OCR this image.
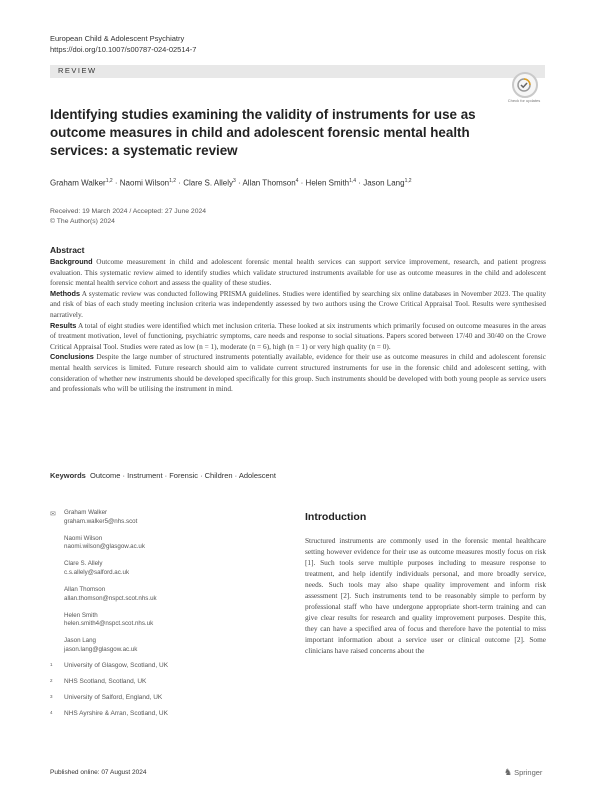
European Child & Adolescent Psychiatry
https://doi.org/10.1007/s00787-024-02514-7
REVIEW
Check for updates
Identifying studies examining the validity of instruments for use as outcome measures in child and adolescent forensic mental health services: a systematic review
Graham Walker$^{1,2}$ · Naomi Wilson$^{1,2}$ · Clare S. Allely$^3$ · Allan Thomson$^4$ · Helen Smith$^{1,4}$ · Jason Lang$^{1,2}$
Received: 19 March 2024 / Accepted: 27 June 2024
© The Author(s) 2024
Abstract

Background Outcome measurement in child and adolescent forensic mental health services can support service improvement, research, and patient progress evaluation. This systematic review aimed to identify studies which validate structured instruments available for use as outcome measures in the child and adolescent forensic mental health service cohort and assess the quality of these studies.

Methods A systematic review was conducted following PRISMA guidelines. Studies were identified by searching six online databases in November 2023. The quality and risk of bias of each study meeting inclusion criteria was independently assessed by two authors using the Crowe Critical Appraisal Tool. Results were synthesised narratively.

Results A total of eight studies were identified which met inclusion criteria. These looked at six instruments which primarily focused on outcome measures in the areas of treatment motivation, level of functioning, psychiatric symptoms, care needs and response to social situations. Papers scored between 17/40 and 30/40 on the Crowe Critical Appraisal Tool. Studies were rated as low (n = 1), moderate (n = 6), high (n = 1) or very high quality (n = 0).

Conclusions Despite the large number of structured instruments potentially available, evidence for their use as outcome measures in child and adolescent forensic mental health services is limited. Future research should aim to validate current structured instruments for use in the forensic child and adolescent setting, with consideration of whether new instruments should be developed specifically for this group. Such instruments should be developed with both young people as service users and professionals who will be utilising the instrument in mind.

Keywords Outcome · Instrument · Forensic · Children · Adolescent
✉ Graham Walker
graham.walker5@nhs.scot
Naomi Wilson
naomi.wilson@glasgow.ac.uk
Clare S. Allely
c.s.allely@salford.ac.uk
Allan Thomson
allan.thomson@nspct.scot.nhs.uk
Helen Smith
helen.smith4@nspct.scot.nhs.uk
Jason Lang
jason.lang@glasgow.ac.uk
1 University of Glasgow, Scotland, UK
2 NHS Scotland, Scotland, UK
3 University of Salford, England, UK
4 NHS Ayrshire & Arran, Scotland, UK
Introduction
Structured instruments are commonly used in the forensic mental healthcare setting however evidence for their use as outcome measures mostly focus on risk [1]. Such tools serve multiple purposes including to measure response to treatment, and help identify individuals personal, and more broadly service, needs. Such tools may also shape quality improvement and inform risk assessment [2]. Such instruments tend to be reasonably simple to perform by professional staff who have undergone appropriate short-term training and can give clear results for research and quality improvement purposes. Despite this, they can have a specified area of focus and therefore have the potential to miss important information about a service user or clinical outcome [2]. Some clinicians have raised concerns about the
Published online: 07 August 2024	♞ Springer
